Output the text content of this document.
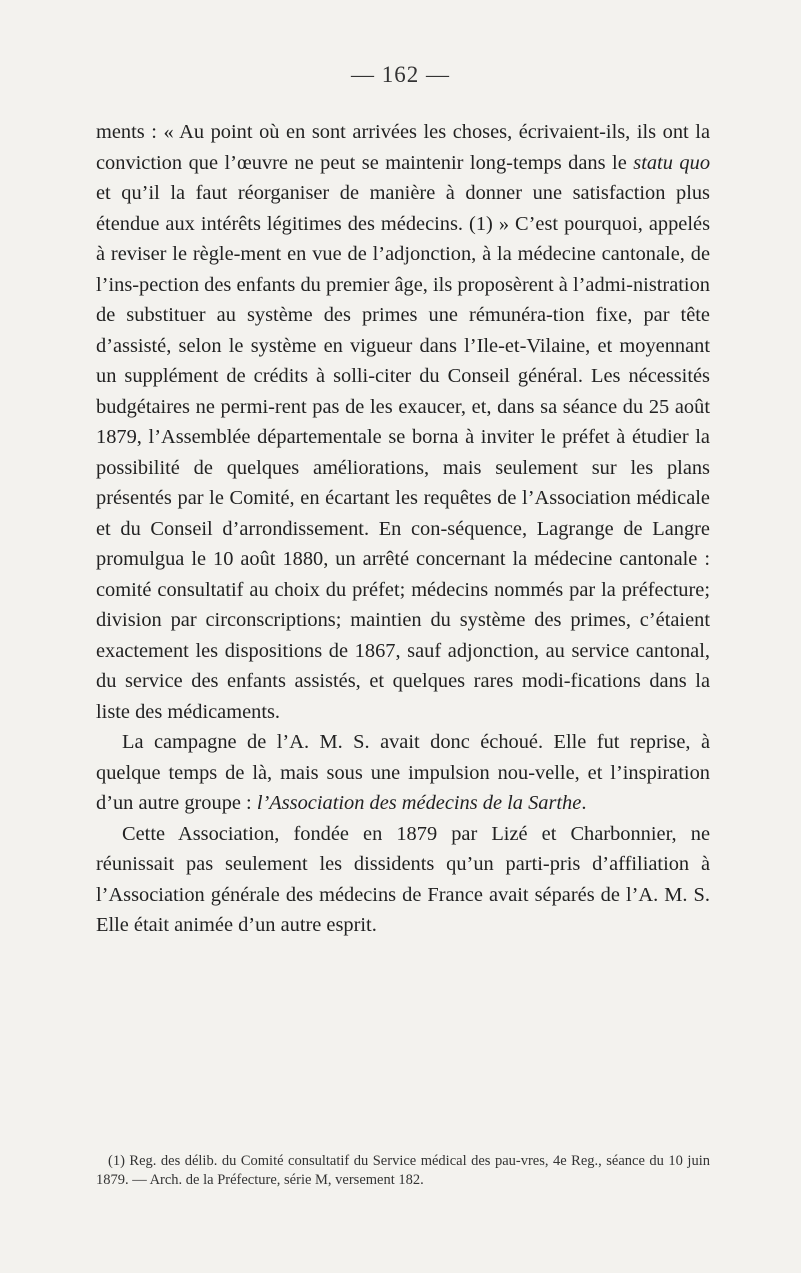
— 162 —

ments : « Au point où en sont arrivées les choses, écrivaient-ils, ils ont la conviction que l’œuvre ne peut se maintenir long-temps dans le statu quo et qu’il la faut réorganiser de manière à donner une satisfaction plus étendue aux intérêts légitimes des médecins. (1) » C’est pourquoi, appelés à reviser le règle-ment en vue de l’adjonction, à la médecine cantonale, de l’ins-pection des enfants du premier âge, ils proposèrent à l’admi-nistration de substituer au système des primes une rémunéra-tion fixe, par tête d’assisté, selon le système en vigueur dans l’Ile-et-Vilaine, et moyennant un supplément de crédits à solli-citer du Conseil général. Les nécessités budgétaires ne permi-rent pas de les exaucer, et, dans sa séance du 25 août 1879, l’Assemblée départementale se borna à inviter le préfet à étudier la possibilité de quelques améliorations, mais seulement sur les plans présentés par le Comité, en écartant les requêtes de l’Association médicale et du Conseil d’arrondissement. En con-séquence, Lagrange de Langre promulgua le 10 août 1880, un arrêté concernant la médecine cantonale : comité consultatif au choix du préfet; médecins nommés par la préfecture; division par circonscriptions; maintien du système des primes, c’étaient exactement les dispositions de 1867, sauf adjonction, au service cantonal, du service des enfants assistés, et quelques rares modi-fications dans la liste des médicaments.

La campagne de l’A. M. S. avait donc échoué. Elle fut reprise, à quelque temps de là, mais sous une impulsion nou-velle, et l’inspiration d’un autre groupe : l’Association des médecins de la Sarthe.

Cette Association, fondée en 1879 par Lizé et Charbonnier, ne réunissait pas seulement les dissidents qu’un parti-pris d’affiliation à l’Association générale des médecins de France avait séparés de l’A. M. S. Elle était animée d’un autre esprit.

(1) Reg. des délib. du Comité consultatif du Service médical des pau-vres, 4e Reg., séance du 10 juin 1879. — Arch. de la Préfecture, série M, versement 182.
